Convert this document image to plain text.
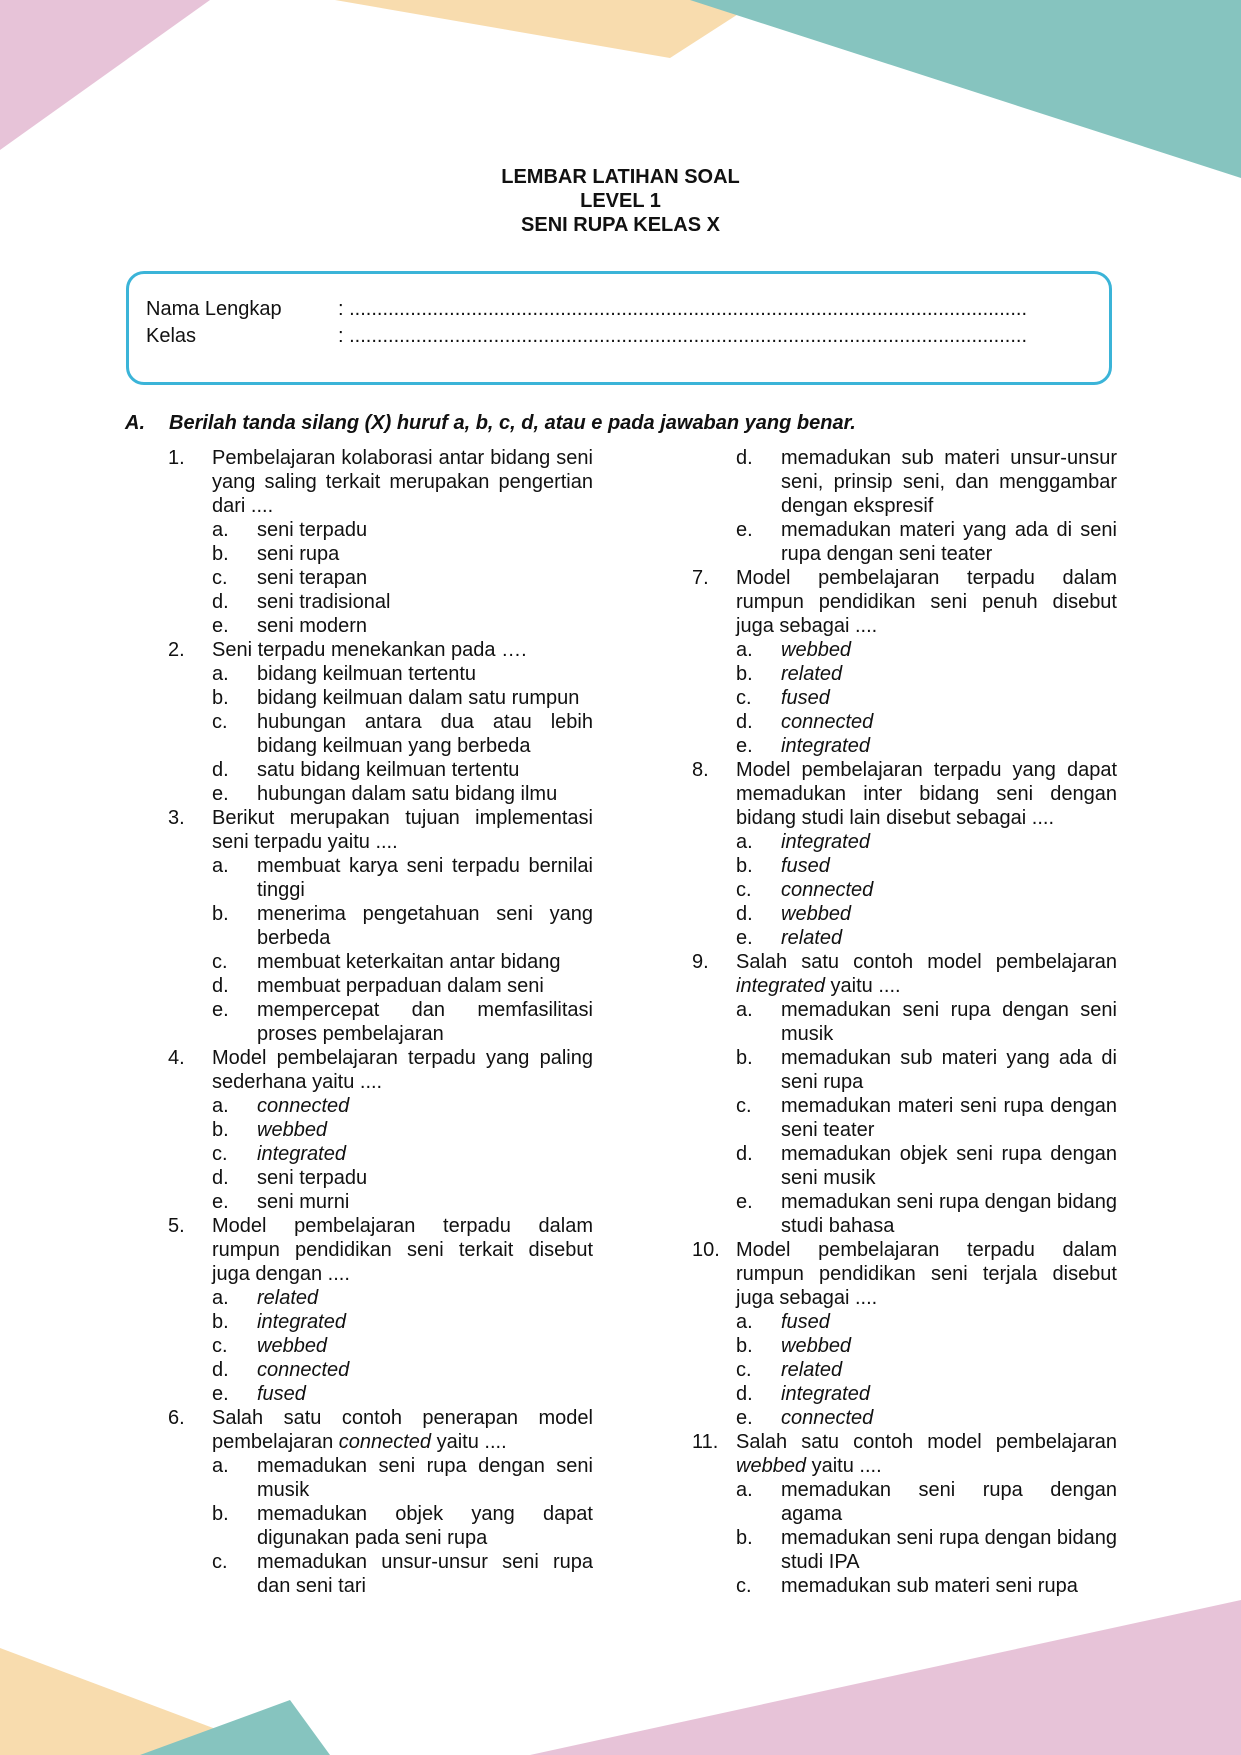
LEMBAR LATIHAN SOAL
LEVEL 1
SENI RUPA KELAS X
Nama Lengkap	: ..........................................................................................................................
Kelas	: ..........................................................................................................................
A. Berilah tanda silang (X) huruf a, b, c, d, atau e pada jawaban yang benar.
1. Pembelajaran kolaborasi antar bidang seni yang saling terkait merupakan pengertian dari ....
a. seni terpadu
b. seni rupa
c. seni terapan
d. seni tradisional
e. seni modern
2. Seni terpadu menekankan pada ….
a. bidang keilmuan tertentu
b. bidang keilmuan dalam satu rumpun
c. hubungan antara dua atau lebih bidang keilmuan yang berbeda
d. satu bidang keilmuan tertentu
e. hubungan dalam satu bidang ilmu
3. Berikut merupakan tujuan implementasi seni terpadu yaitu ....
a. membuat karya seni terpadu bernilai tinggi
b. menerima pengetahuan seni yang berbeda
c. membuat keterkaitan antar bidang
d. membuat perpaduan dalam seni
e. mempercepat dan memfasilitasi proses pembelajaran
4. Model pembelajaran terpadu yang paling sederhana yaitu ....
a. connected
b. webbed
c. integrated
d. seni terpadu
e. seni murni
5. Model pembelajaran terpadu dalam rumpun pendidikan seni terkait disebut juga dengan ....
a. related
b. integrated
c. webbed
d. connected
e. fused
6. Salah satu contoh penerapan model pembelajaran connected yaitu ....
a. memadukan seni rupa dengan seni musik
b. memadukan objek yang dapat digunakan pada seni rupa
c. memadukan unsur-unsur seni rupa dan seni tari
d. memadukan sub materi unsur-unsur seni, prinsip seni, dan menggambar dengan ekspresif
e. memadukan materi yang ada di seni rupa dengan seni teater
7. Model pembelajaran terpadu dalam rumpun pendidikan seni penuh disebut juga sebagai ....
a. webbed
b. related
c. fused
d. connected
e. integrated
8. Model pembelajaran terpadu yang dapat memadukan inter bidang seni dengan bidang studi lain disebut sebagai ....
a. integrated
b. fused
c. connected
d. webbed
e. related
9. Salah satu contoh model pembelajaran integrated yaitu ....
a. memadukan seni rupa dengan seni musik
b. memadukan sub materi yang ada di seni rupa
c. memadukan materi seni rupa dengan seni teater
d. memadukan objek seni rupa dengan seni musik
e. memadukan seni rupa dengan bidang studi bahasa
10. Model pembelajaran terpadu dalam rumpun pendidikan seni terjala disebut juga sebagai ....
a. fused
b. webbed
c. related
d. integrated
e. connected
11. Salah satu contoh model pembelajaran webbed yaitu ....
a. memadukan seni rupa dengan agama
b. memadukan seni rupa dengan bidang studi IPA
c. memadukan sub materi seni rupa
